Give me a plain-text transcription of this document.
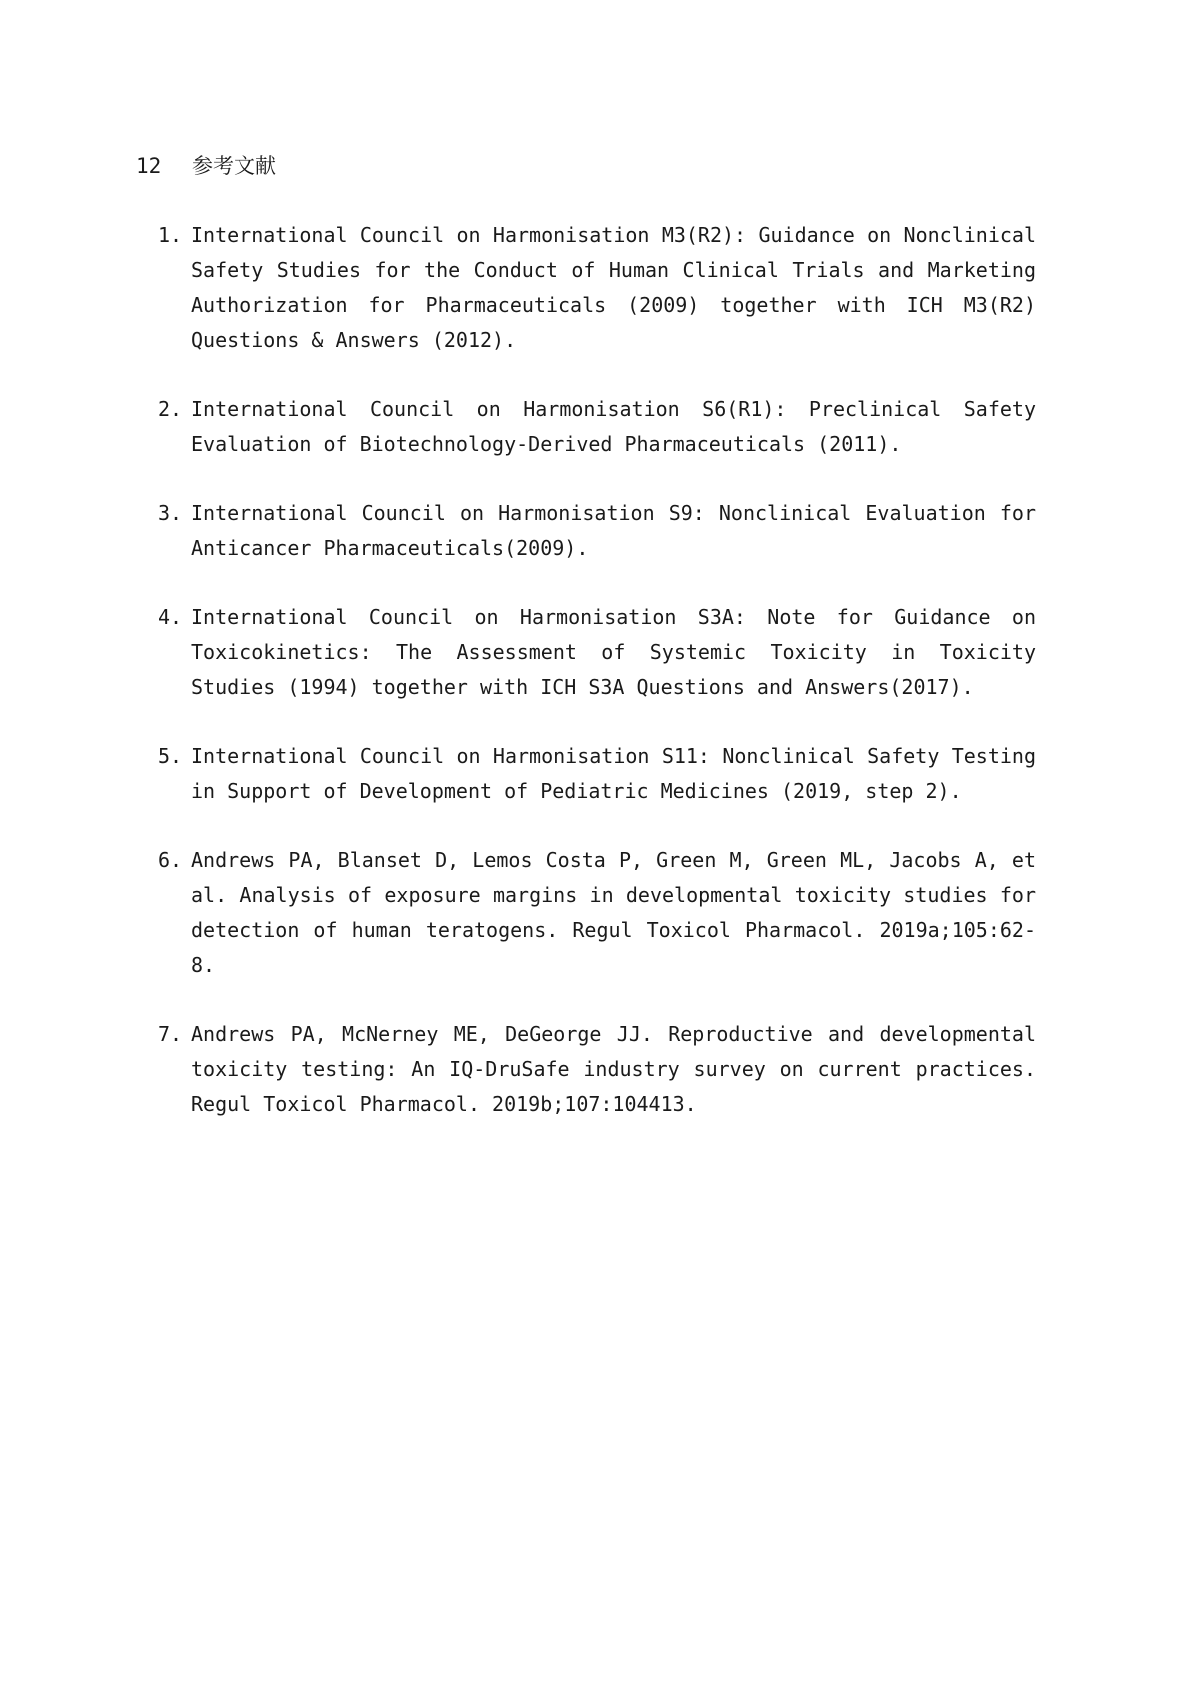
12 参考文献
1. International Council on Harmonisation M3(R2): Guidance on Nonclinical Safety Studies for the Conduct of Human Clinical Trials and Marketing Authorization for Pharmaceuticals (2009) together with ICH M3(R2) Questions & Answers (2012).
2. International Council on Harmonisation S6(R1): Preclinical Safety Evaluation of Biotechnology-Derived Pharmaceuticals (2011).
3. International Council on Harmonisation S9: Nonclinical Evaluation for Anticancer Pharmaceuticals(2009).
4. International Council on Harmonisation S3A: Note for Guidance on Toxicokinetics: The Assessment of Systemic Toxicity in Toxicity Studies (1994) together with ICH S3A Questions and Answers(2017).
5. International Council on Harmonisation S11: Nonclinical Safety Testing in Support of Development of Pediatric Medicines (2019, step 2).
6. Andrews PA, Blanset D, Lemos Costa P, Green M, Green ML, Jacobs A, et al. Analysis of exposure margins in developmental toxicity studies for detection of human teratogens. Regul Toxicol Pharmacol. 2019a;105:62-8.
7. Andrews PA, McNerney ME, DeGeorge JJ. Reproductive and developmental toxicity testing: An IQ-DruSafe industry survey on current practices. Regul Toxicol Pharmacol. 2019b;107:104413.
